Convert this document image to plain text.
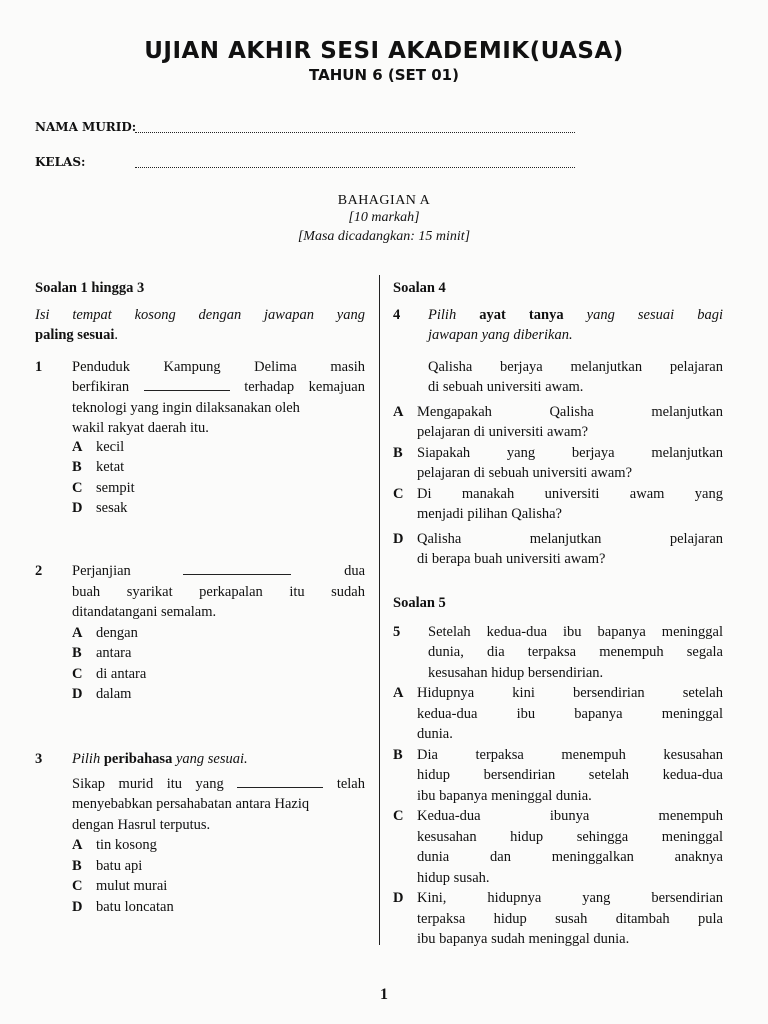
UJIAN AKHIR SESI AKADEMIK(UASA)
TAHUN 6 (SET 01)
NAMA MURID:
KELAS:
BAHAGIAN A
[10 markah]
[Masa dicadangkan: 15 minit]

Soalan 1 hingga 3

Isi tempat kosong dengan jawapan yang

paling sesuai.

1 Penduduk Kampung Delima masih

berfikiran	terhadap kemajuan

teknologi yang ingin dilaksanakan oleh

wakil rakyat daerah itu.

A kecil

B ketat

C sempit

D sesak

2 Perjanjian	dua

buah syarikat perkapalan itu sudah

ditandatangani semalam.

A dengan

B antara

C di antara

D dalam

3 Pilih peribahasa yang sesuai.

Sikap murid itu yang	telah

menyebabkan persahabatan antara Haziq

dengan Hasrul terputus.

A tin kosong

B batu api

C mulut murai

D batu loncatan

Soalan 4

4 Pilih ayat tanya yang sesuai bagi

jawapan yang diberikan.

Qalisha berjaya melanjutkan pelajaran

di sebuah universiti awam.

A Mengapakah Qalisha melanjutkan

pelajaran di universiti awam?

B Siapakah yang berjaya melanjutkan

pelajaran di sebuah universiti awam?

C Di manakah universiti awam yang

menjadi pilihan Qalisha?

D Qalisha melanjutkan pelajaran

di berapa buah universiti awam?

Soalan 5

5 Setelah kedua-dua ibu bapanya meninggal

dunia, dia terpaksa menempuh segala

kesusahan hidup bersendirian.

A Hidupnya kini bersendirian setelah

kedua-dua ibu bapanya meninggal

dunia.

B Dia terpaksa menempuh kesusahan

hidup bersendirian setelah kedua-dua

ibu bapanya meninggal dunia.

C Kedua-dua ibunya menempuh

kesusahan hidup sehingga meninggal

dunia dan meninggalkan anaknya

hidup susah.

D Kini, hidupnya yang bersendirian

terpaksa hidup susah ditambah pula

ibu bapanya sudah meninggal dunia.

1
